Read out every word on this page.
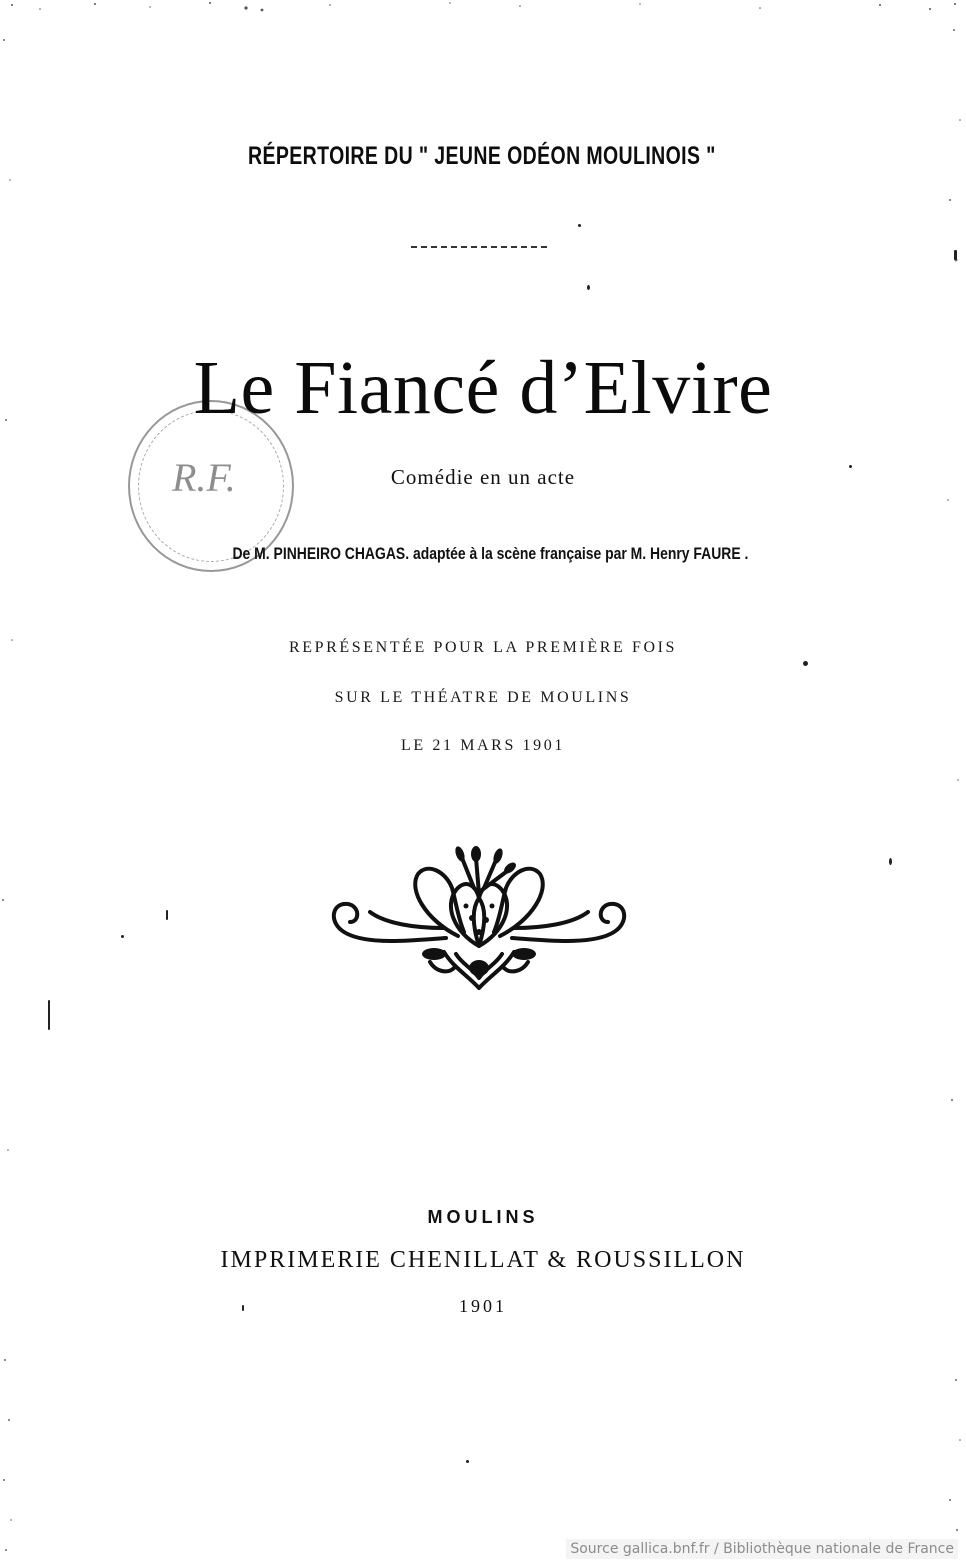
RÉPERTOIRE DU " JEUNE ODÉON MOULINOIS "
R.F.
Le Fiancé d’Elvire
Comédie en un acte
De M. PINHEIRO CHAGAS. adaptée à la scène française par M. Henry FAURE .
REPRÉSENTÉE POUR LA PREMIÈRE FOIS
SUR LE THÉATRE DE MOULINS
LE 21 MARS 1901
MOULINS
IMPRIMERIE CHENILLAT & ROUSSILLON
1901
Source gallica.bnf.fr / Bibliothèque nationale de France
